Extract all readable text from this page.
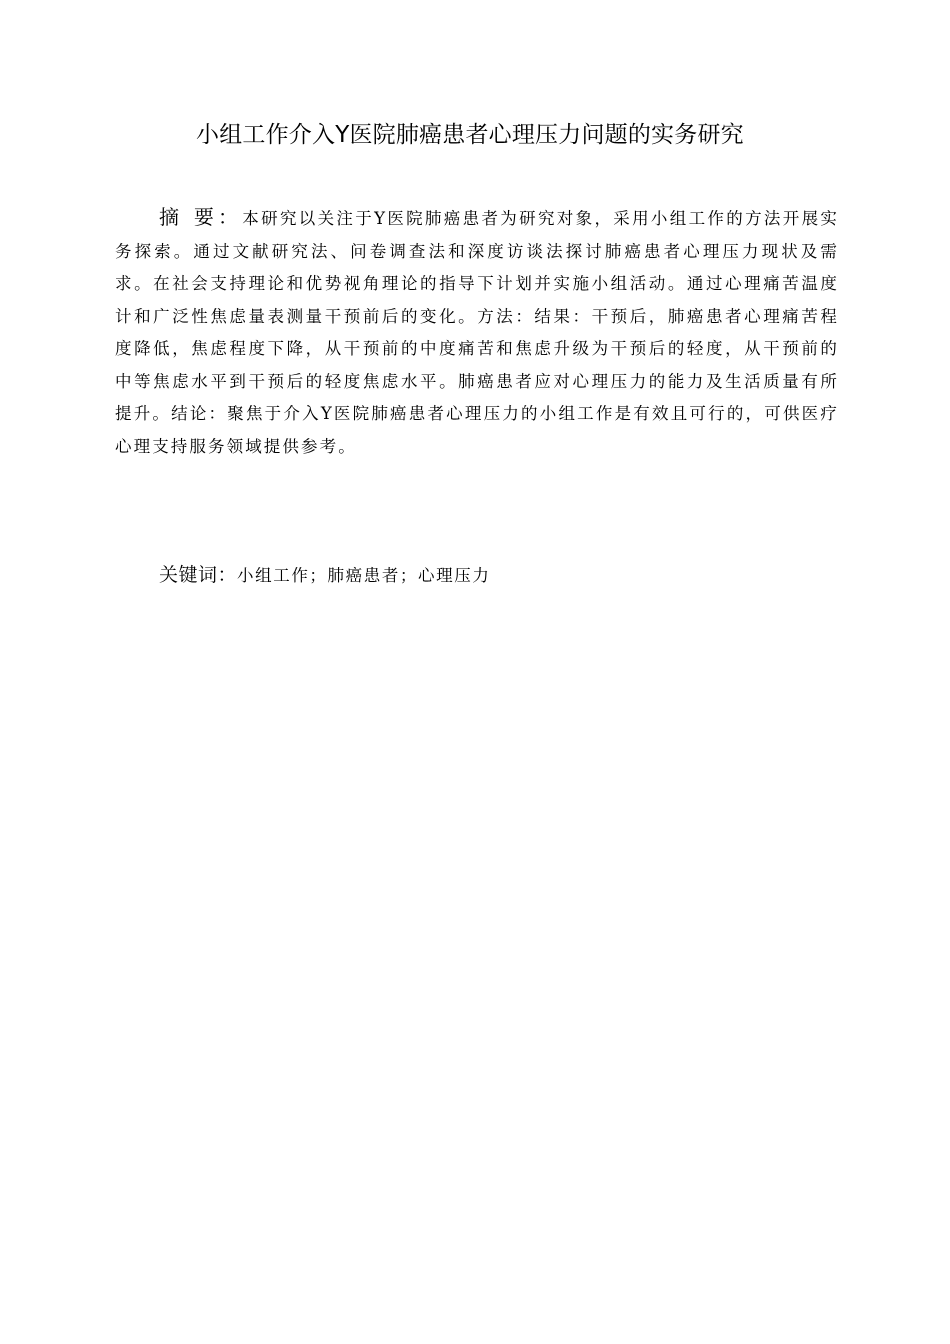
小组工作介入Y医院肺癌患者心理压力问题的实务研究

摘 要：本研究以关注于Y医院肺癌患者为研究对象，采用小组工作的方法开展实务探索。通过文献研究法、问卷调查法和深度访谈法探讨肺癌患者心理压力现状及需求。在社会支持理论和优势视角理论的指导下计划并实施小组活动。通过心理痛苦温度计和广泛性焦虑量表测量干预前后的变化。方法：结果：干预后，肺癌患者心理痛苦程度降低，焦虑程度下降，从干预前的中度痛苦和焦虑升级为干预后的轻度，从干预前的中等焦虑水平到干预后的轻度焦虑水平。肺癌患者应对心理压力的能力及生活质量有所提升。结论：聚焦于介入Y医院肺癌患者心理压力的小组工作是有效且可行的，可供医疗心理支持服务领域提供参考。

关键词：小组工作；肺癌患者；心理压力
